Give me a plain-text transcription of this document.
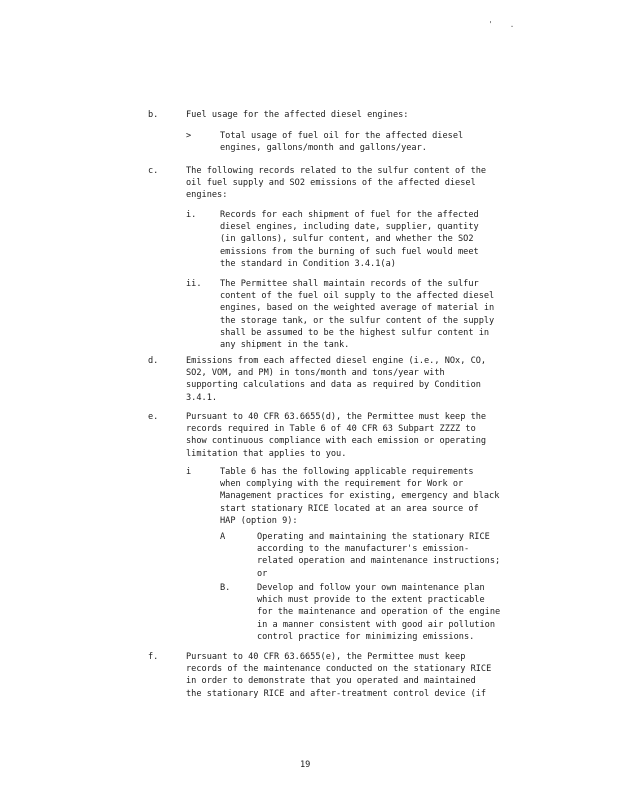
' .
b.	Fuel usage for the affected diesel engines:
>	Total usage of fuel oil for the affected diesel
engines, gallons/month and gallons/year.
c.	The following records related to the sulfur content of the
oil fuel supply and SO2 emissions of the affected diesel
engines:
i.	Records for each shipment of fuel for the affected
diesel engines, including date, supplier, quantity
(in gallons), sulfur content, and whether the SO2
emissions from the burning of such fuel would meet
the standard in Condition 3.4.1(a)
ii. The Permittee shall maintain records of the sulfur
content of the fuel oil supply to the affected diesel
engines, based on the weighted average of material in
the storage tank, or the sulfur content of the supply
shall be assumed to be the highest sulfur content in
any shipment in the tank.
d.	Emissions from each affected diesel engine (i.e., NOx, CO,
SO2, VOM, and PM) in tons/month and tons/year with
supporting calculations and data as required by Condition
3.4.1.
e.	Pursuant to 40 CFR 63.6655(d), the Permittee must keep the
records required in Table 6 of 40 CFR 63 Subpart ZZZZ to
show continuous compliance with each emission or operating
limitation that applies to you.
i	Table 6 has the following applicable requirements
when complying with the requirement for Work or
Management practices for existing, emergency and black
start stationary RICE located at an area source of
HAP (option 9):
A	Operating and maintaining the stationary RICE
according to the manufacturer's emission-
related operation and maintenance instructions;
or
B.	Develop and follow your own maintenance plan
which must provide to the extent practicable
for the maintenance and operation of the engine
in a manner consistent with good air pollution
control practice for minimizing emissions.
f.	Pursuant to 40 CFR 63.6655(e), the Permittee must keep
records of the maintenance conducted on the stationary RICE
in order to demonstrate that you operated and maintained
the stationary RICE and after-treatment control device (if
19
